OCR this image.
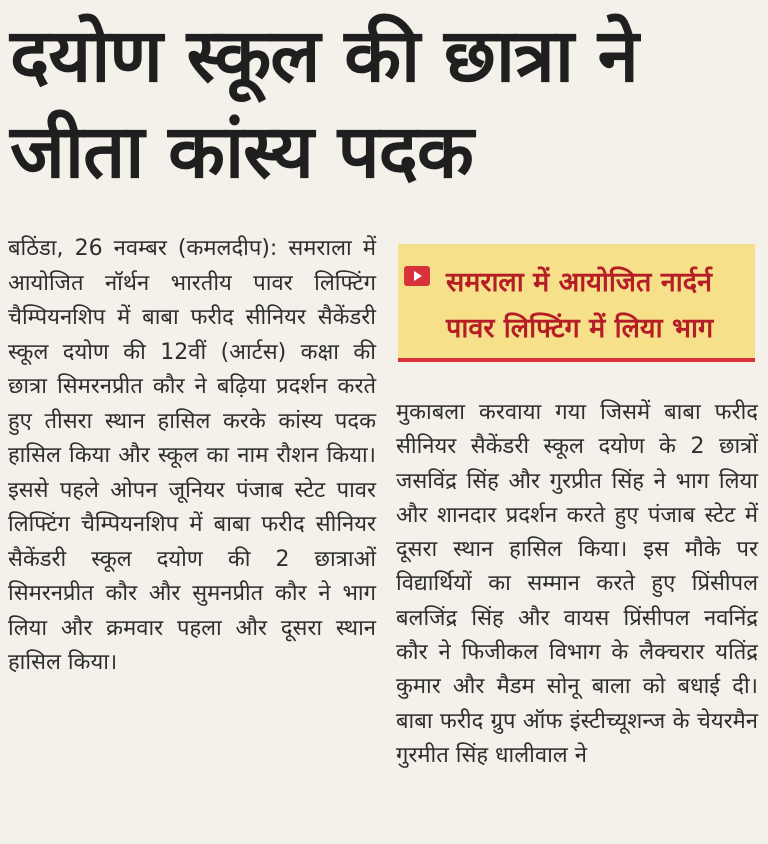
दयोण स्कूल की छात्रा ने जीता कांस्य पदक

बठिंडा, 26 नवम्बर (कमलदीप): समराला में आयोजित नॉर्थन भारतीय पावर लिफ्टिंग चैम्पियनशिप में बाबा फरीद सीनियर सैकेंडरी स्कूल दयोण की 12वीं (आर्टस) कक्षा की छात्रा सिमरनप्रीत कौर ने बढ़िया प्रदर्शन करते हुए तीसरा स्थान हासिल करके कांस्य पदक हासिल किया और स्कूल का नाम रौशन किया। इससे पहले ओपन जूनियर पंजाब स्टेट पावर लिफ्टिंग चैम्पियनशिप में बाबा फरीद सीनियर सैकेंडरी स्कूल दयोण की 2 छात्राओं सिमरनप्रीत कौर और सुमनप्रीत कौर ने भाग लिया और क्रमवार पहला और दूसरा स्थान हासिल किया।

समराला में आयोजित नार्दर्न
पावर लिफ्टिंग में लिया भाग

मुकाबला करवाया गया जिसमें बाबा फरीद सीनियर सैकेंडरी स्कूल दयोण के 2 छात्रों जसविंद्र सिंह और गुरप्रीत सिंह ने भाग लिया और शानदार प्रदर्शन करते हुए पंजाब स्टेट में दूसरा स्थान हासिल किया। इस मौके पर विद्यार्थियों का सम्मान करते हुए प्रिंसीपल बलजिंद्र सिंह और वायस प्रिंसीपल नवनिंद्र कौर ने फिजीकल विभाग के लैक्चरार यतिंद्र कुमार और मैडम सोनू बाला को बधाई दी। बाबा फरीद ग्रुप ऑफ इंस्टीच्यूशन्ज के चेयरमैन गुरमीत सिंह धालीवाल ने
